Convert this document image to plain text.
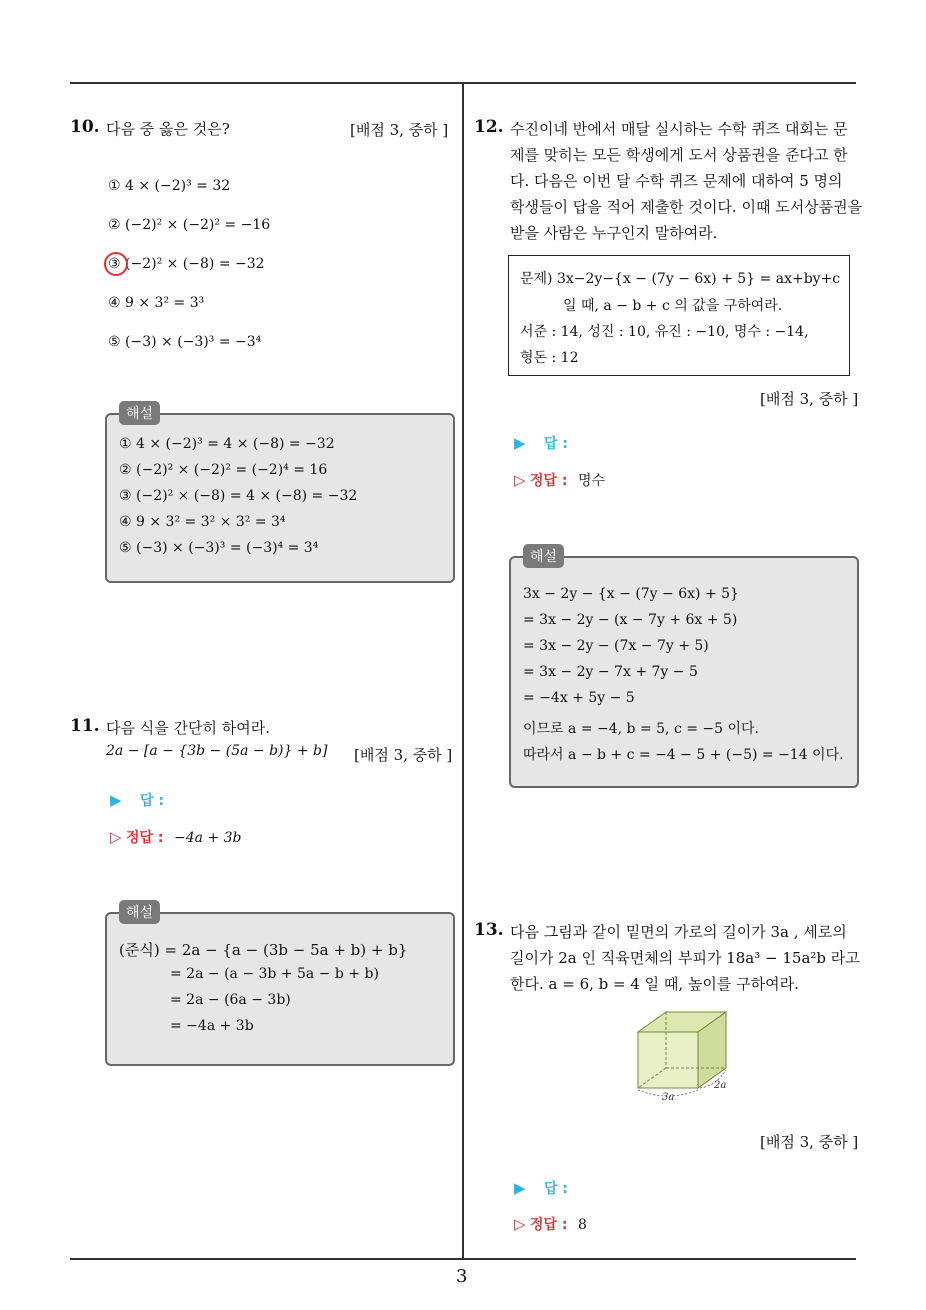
3
10. 다음 중 옳은 것은?	[배점 3, 중하 ]
① 4 × (−2)³ = 32
② (−2)² × (−2)² = −16
③ (−2)² × (−8) = −32
④ 9 × 3² = 3³
⑤ (−3) × (−3)³ = −3⁴
해설
① 4 × (−2)³ = 4 × (−8) = −32
② (−2)² × (−2)² = (−2)⁴ = 16
③ (−2)² × (−8) = 4 × (−8) = −32
④ 9 × 3² = 3² × 3² = 3⁴
⑤ (−3) × (−3)³ = (−3)⁴ = 3⁴
11. 다음 식을 간단히 하여라.
2a − [a − {3b − (5a − b)} + b] [배점 3, 중하 ]
▶ 답 :
▷ 정답 : −4a + 3b
해설
(준식) = 2a − {a − (3b − 5a + b) + b}
= 2a − (a − 3b + 5a − b + b)
= 2a − (6a − 3b)
= −4a + 3b
12. 수진이네 반에서 매달 실시하는 수학 퀴즈 대회는 문
제를 맞히는 모든 학생에게 도서 상품권을 준다고 한
다. 다음은 이번 달 수학 퀴즈 문제에 대하여 5 명의
학생들이 답을 적어 제출한 것이다. 이때 도서상품권을
받을 사람은 누구인지 말하여라.
문제) 3x−2y−{x − (7y − 6x) + 5} = ax+by+c
일 때, a − b + c 의 값을 구하여라.
서준 : 14, 성진 : 10, 유진 : −10, 명수 : −14,
형돈 : 12
[배점 3, 중하 ]
▶ 답 :
▷ 정답 : 명수
해설
3x − 2y − {x − (7y − 6x) + 5}
= 3x − 2y − (x − 7y + 6x + 5)
= 3x − 2y − (7x − 7y + 5)
= 3x − 2y − 7x + 7y − 5
= −4x + 5y − 5
이므로 a = −4, b = 5, c = −5 이다.
따라서 a − b + c = −4 − 5 + (−5) = −14 이다.
13. 다음 그림과 같이 밑면의 가로의 길이가 3a , 세로의
길이가 2a 인 직육면체의 부피가 18a³ − 15a²b 라고
한다. a = 6, b = 4 일 때, 높이를 구하여라.
3a
2a
[배점 3, 중하 ]
▶ 답 :
▷ 정답 : 8
